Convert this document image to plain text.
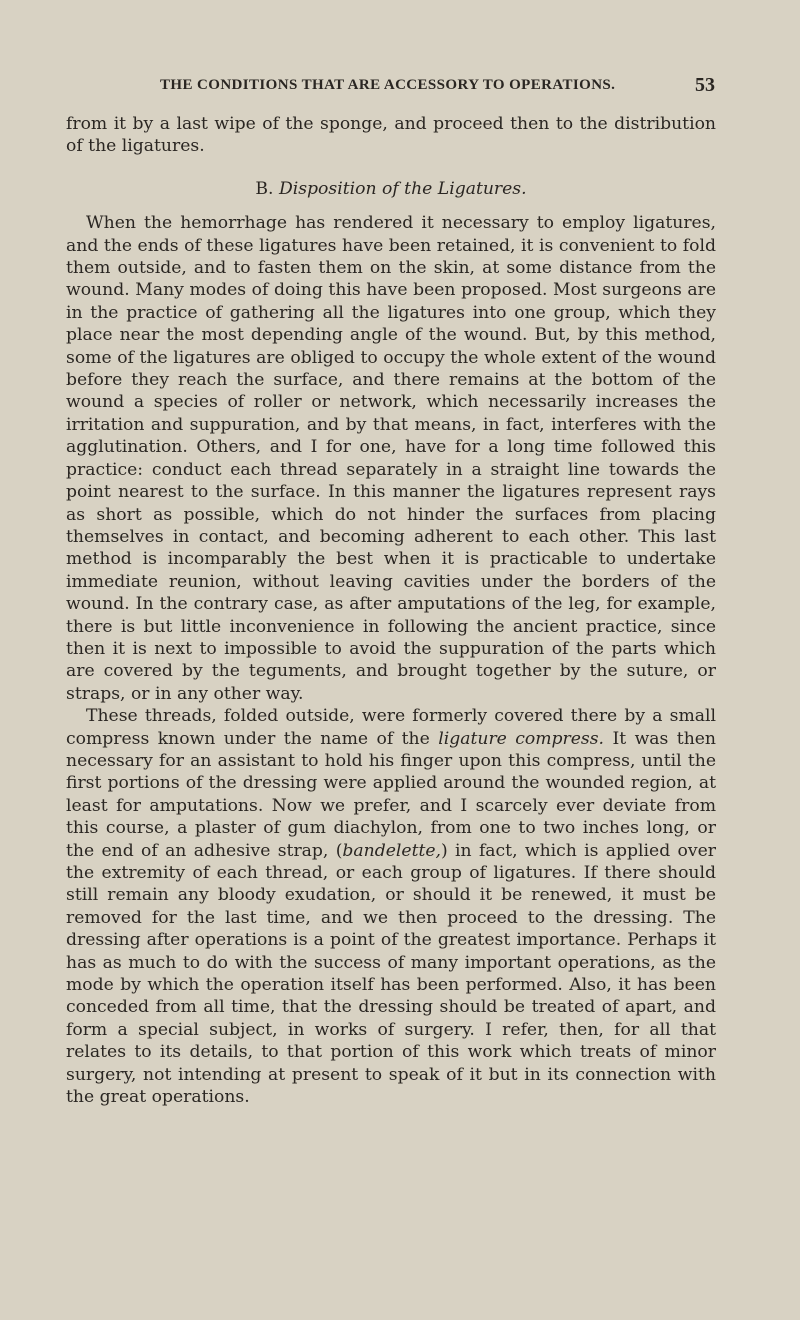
THE CONDITIONS THAT ARE ACCESSORY TO OPERATIONS.	53

from it by a last wipe of the sponge, and proceed then to the distribution of the ligatures.

B. Disposition of the Ligatures.

When the hemorrhage has rendered it necessary to employ ligatures, and the ends of these ligatures have been retained, it is convenient to fold them outside, and to fasten them on the skin, at some distance from the wound. Many modes of doing this have been proposed. Most surgeons are in the practice of gathering all the ligatures into one group, which they place near the most depending angle of the wound. But, by this method, some of the ligatures are obliged to occupy the whole extent of the wound before they reach the surface, and there remains at the bottom of the wound a species of roller or network, which necessarily increases the irritation and suppuration, and by that means, in fact, interferes with the agglutination. Others, and I for one, have for a long time followed this practice: conduct each thread separately in a straight line towards the point nearest to the surface. In this manner the ligatures represent rays as short as possible, which do not hinder the surfaces from placing themselves in contact, and becoming adherent to each other. This last method is incomparably the best when it is practicable to undertake immediate reunion, without leaving cavities under the borders of the wound. In the contrary case, as after amputations of the leg, for example, there is but little inconvenience in following the ancient practice, since then it is next to impossible to avoid the suppuration of the parts which are covered by the teguments, and brought together by the suture, or straps, or in any other way.

These threads, folded outside, were formerly covered there by a small compress known under the name of the ligature compress. It was then necessary for an assistant to hold his finger upon this compress, until the first portions of the dressing were applied around the wounded region, at least for amputations. Now we prefer, and I scarcely ever deviate from this course, a plaster of gum diachylon, from one to two inches long, or the end of an adhesive strap, (bandelette,) in fact, which is applied over the extremity of each thread, or each group of ligatures. If there should still remain any bloody exudation, or should it be renewed, it must be removed for the last time, and we then proceed to the dressing. The dressing after operations is a point of the greatest importance. Perhaps it has as much to do with the success of many important operations, as the mode by which the operation itself has been performed. Also, it has been conceded from all time, that the dressing should be treated of apart, and form a special subject, in works of surgery. I refer, then, for all that relates to its details, to that portion of this work which treats of minor surgery, not intending at present to speak of it but in its connection with the great operations.
